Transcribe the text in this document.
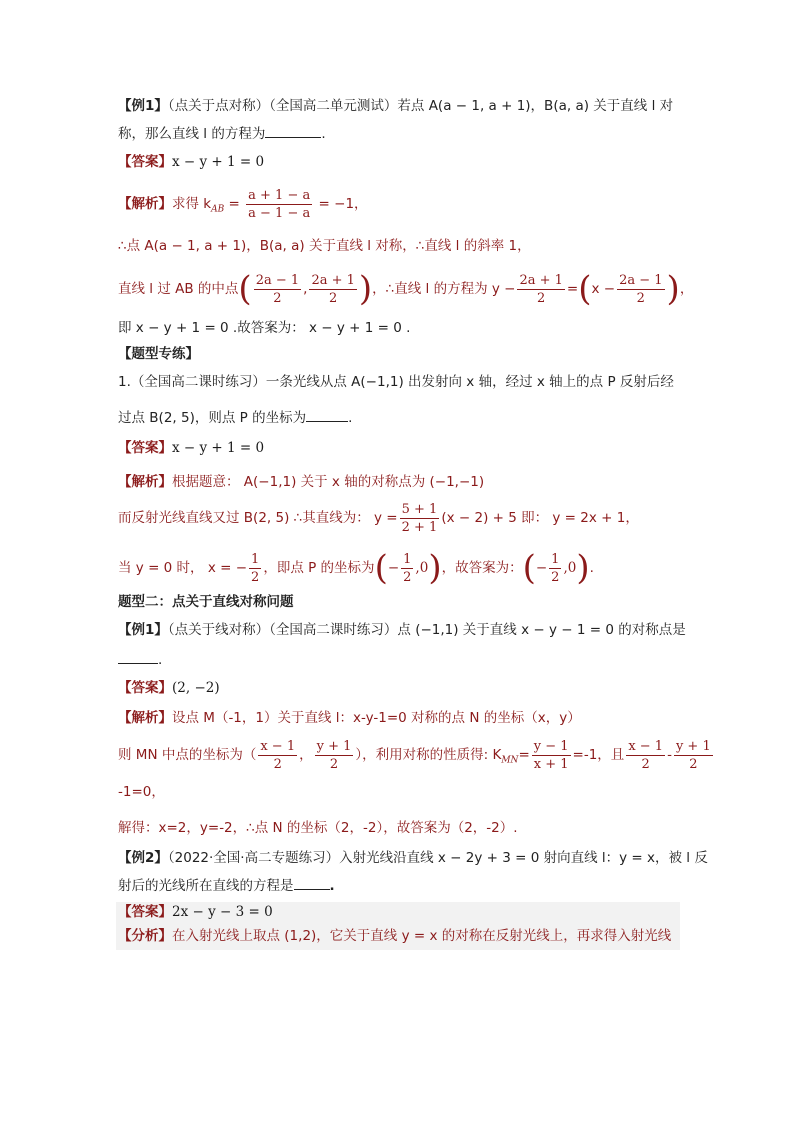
【例1】（点关于点对称）（全国高二单元测试）若点 A(a − 1, a + 1)，B(a, a) 关于直线 l 对
称，那么直线 l 的方程为	.
【答案】x − y + 1 = 0
【解析】求得 $k_{AB} = \frac{a + 1 - a}{a - 1 - a} = -1$，
∴点 A(a − 1, a + 1)，B(a, a) 关于直线 l 对称，∴直线 l 的斜率 1，
直线 l 过 AB 的中点( $\frac{2a - 1}{2}$ , $\frac{2a + 1}{2}$ )，∴直线 l 的方程为 $y - \frac{2a + 1}{2} =(x - \frac{2a - 1}{2}$ )，
即 x − y + 1 = 0 .故答案为： x − y + 1 = 0 .
【题型专练】
1.（全国高二课时练习）一条光线从点 A(−1,1) 出发射向 x 轴，经过 x 轴上的点 P 反射后经
过点 B(2, 5)，则点 P 的坐标为	.
【答案】x − y + 1 = 0
【解析】根据题意： A(−1,1) 关于 x 轴的对称点为 (−1,−1)
而反射光线直线又过 B(2, 5) ∴其直线为： $y = \frac{5 + 1}{2 + 1} (x - 2) + 5$ 即： y = 2x + 1，
当 y = 0 时， x = − $\frac{1}{2}$ ，即点 P 的坐标为(− $\frac{1}{2} ,0$)，故答案为：(− $\frac{1}{2} ,0$).
题型二：点关于直线对称问题
【例1】（点关于线对称）（全国高二课时练习）点 (−1,1) 关于直线 x − y − 1 = 0 的对称点是
.
【答案】(2, −2)
【解析】设点 M（-1，1）关于直线 l：x-y-1=0 对称的点 N 的坐标（x，y）
则 MN 中点的坐标为（ $\frac{x - 1}{2}$ ， $\frac{y + 1}{2}$ ），利用对称的性质得: $K_{MN}= \frac{y - 1}{x + 1} =-1$，且 $\frac{x - 1}{2} - \frac{y + 1}{2}$
-1=0，
解得：x=2，y=-2，∴点 N 的坐标（2，-2），故答案为（2，-2）.
【例2】（2022·全国·高二专题练习）入射光线沿直线 x − 2y + 3 = 0 射向直线 l：y = x，被 l 反
射后的光线所在直线的方程是	.
【答案】2x − y − 3 = 0
【分析】在入射光线上取点 (1,2)，它关于直线 y = x 的对称在反射光线上，再求得入射光线
